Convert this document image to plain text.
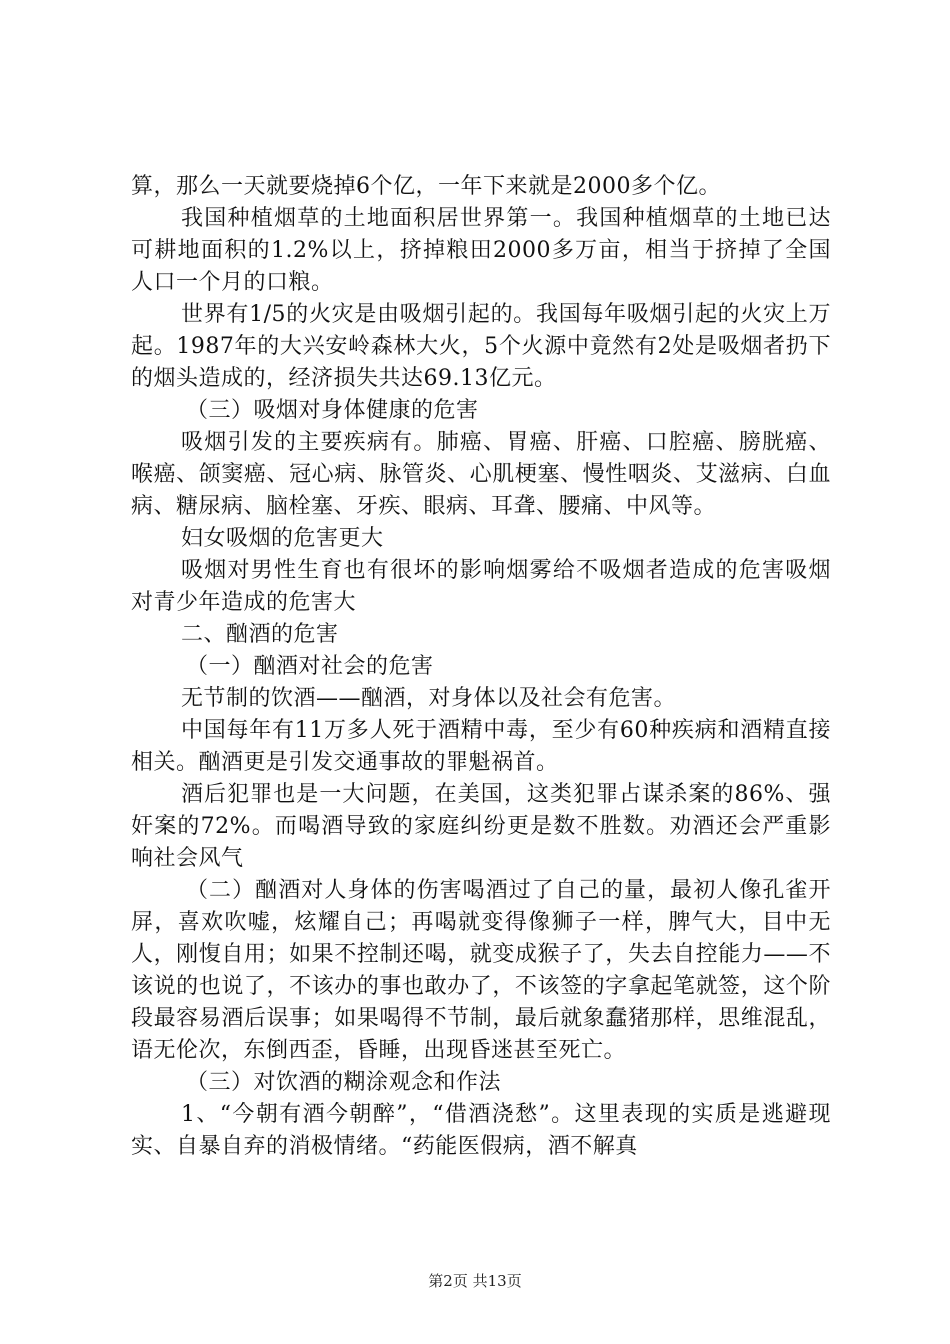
算，那么一天就要烧掉6个亿，一年下来就是2000多个亿。

我国种植烟草的土地面积居世界第一。我国种植烟草的土地已达可耕地面积的1.2%以上，挤掉粮田2000多万亩，相当于挤掉了全国人口一个月的口粮。

世界有1/5的火灾是由吸烟引起的。我国每年吸烟引起的火灾上万起。1987年的大兴安岭森林大火，5个火源中竟然有2处是吸烟者扔下的烟头造成的，经济损失共达69.13亿元。

（三）吸烟对身体健康的危害

吸烟引发的主要疾病有。肺癌、胃癌、肝癌、口腔癌、膀胱癌、喉癌、颌窦癌、冠心病、脉管炎、心肌梗塞、慢性咽炎、艾滋病、白血病、糖尿病、脑栓塞、牙疾、眼病、耳聋、腰痛、中风等。

妇女吸烟的危害更大

吸烟对男性生育也有很坏的影响烟雾给不吸烟者造成的危害吸烟对青少年造成的危害大

二、酗酒的危害

（一）酗酒对社会的危害

无节制的饮酒——酗酒，对身体以及社会有危害。

中国每年有11万多人死于酒精中毒，至少有60种疾病和酒精直接相关。酗酒更是引发交通事故的罪魁祸首。

酒后犯罪也是一大问题，在美国，这类犯罪占谋杀案的86%、强奸案的72%。而喝酒导致的家庭纠纷更是数不胜数。劝酒还会严重影响社会风气

（二）酗酒对人身体的伤害喝酒过了自己的量，最初人像孔雀开屏，喜欢吹嘘，炫耀自己；再喝就变得像狮子一样，脾气大，目中无人，刚愎自用；如果不控制还喝，就变成猴子了，失去自控能力——不该说的也说了，不该办的事也敢办了，不该签的字拿起笔就签，这个阶段最容易酒后误事；如果喝得不节制，最后就象蠢猪那样，思维混乱，语无伦次，东倒西歪，昏睡，出现昏迷甚至死亡。

（三）对饮酒的糊涂观念和作法

1、“今朝有酒今朝醉”，“借酒浇愁”。这里表现的实质是逃避现实、自暴自弃的消极情绪。“药能医假病，酒不解真

第2页 共13页
